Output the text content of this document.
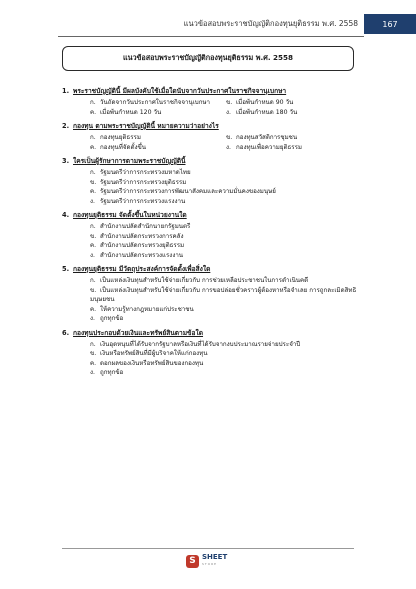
แนวข้อสอบพระราชบัญญัติกองทุนยุติธรรม พ.ศ. 2558	167
แนวข้อสอบพระราชบัญญัติกองทุนยุติธรรม พ.ศ. 2558
1. พระราชบัญญัตินี้ มีผลบังคับใช้เมื่อใดนับจากวันประกาศในราชกิจจานุเบกษา
ก. วันถัดจากวันประกาศในราชกิจจานุเบกษา	ข. เมื่อพ้นกำหนด 90 วัน
ค. เมื่อพ้นกำหนด 120 วัน	ง. เมื่อพ้นกำหนด 180 วัน
2. กองทุน ตามพระราชบัญญัตินี้ หมายความว่าอย่างไร
ก. กองทุนยุติธรรม	ข. กองทุนสวัสดิการชุมชน
ค. กองทุนที่จัดตั้งขึ้น	ง. กองทุนเพื่อความยุติธรรม
3. ใครเป็นผู้รักษาการตามพระราชบัญญัตินี้
ก. รัฐมนตรีว่าการกระทรวงมหาดไทย
ข. รัฐมนตรีว่าการกระทรวงยุติธรรม
ค. รัฐมนตรีว่าการกระทรวงการพัฒนาสังคมและความมั่นคงของมนุษย์
ง. รัฐมนตรีว่าการกระทรวงแรงงาน
4. กองทุนยุติธรรม จัดตั้งขึ้นในหน่วยงานใด
ก. สำนักงานปลัดสำนักนายกรัฐมนตรี
ข. สำนักงานปลัดกระทรวงการคลัง
ค. สำนักงานปลัดกระทรวงยุติธรรม
ง. สำนักงานปลัดกระทรวงแรงงาน
5. กองทุนยุติธรรม มีวัตถุประสงค์การจัดตั้งเพื่อสิ่งใด
ก. เป็นแหล่งเงินทุนสำหรับใช้จ่ายเกี่ยวกับ การช่วยเหลือประชาชนในการดำเนินคดี
ข. เป็นแหล่งเงินทุนสำหรับใช้จ่ายเกี่ยวกับ การขอปล่อยชั่วคราวผู้ต้องหาหรือจำเลย การถูกละเมิดสิทธิมนุษยชน
ค. ให้ความรู้ทางกฎหมายแก่ประชาชน
ง. ถูกทุกข้อ
6. กองทุนประกอบด้วยเงินและทรัพย์สินตามข้อใด
ก. เงินอุดหนุนที่ได้รับจากรัฐบาลหรือเงินที่ได้รับจากงบประมาณรายจ่ายประจำปี
ข. เงินหรือทรัพย์สินที่มีผู้บริจาคให้แก่กองทุน
ค. ดอกผลของเงินหรือทรัพย์สินของกองทุน
ง. ถูกทุกข้อ
S SHEET
STORE
